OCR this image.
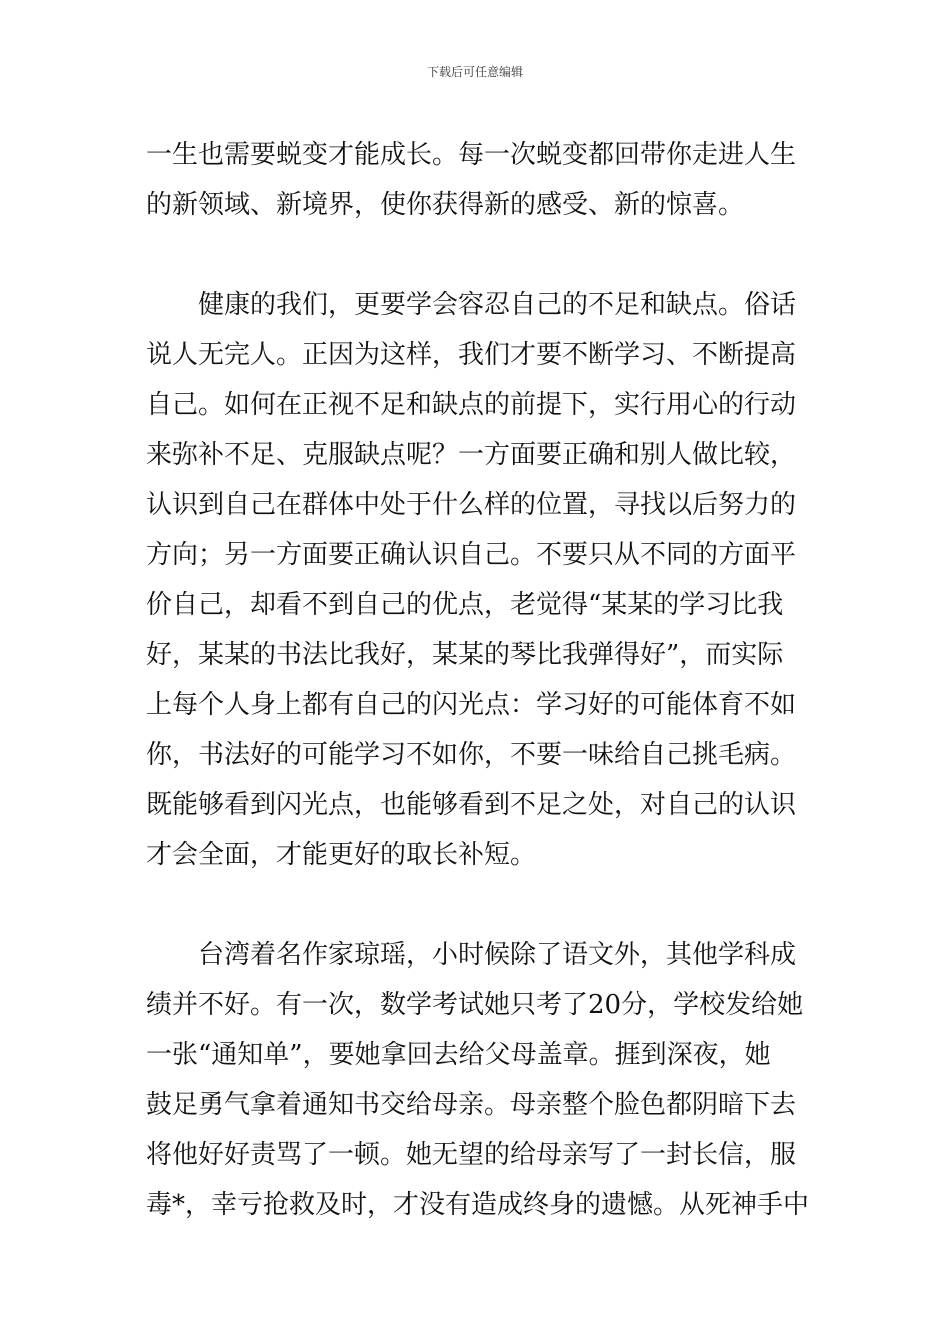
下载后可任意编辑
一生也需要蜕变才能成长。每一次蜕变都回带你走进人生
的新领域、新境界，使你获得新的感受、新的惊喜。
健康的我们，更要学会容忍自己的不足和缺点。俗话
说人无完人。正因为这样，我们才要不断学习、不断提高
自己。如何在正视不足和缺点的前提下，实行用心的行动
来弥补不足、克服缺点呢？一方面要正确和别人做比较，
认识到自己在群体中处于什么样的位置，寻找以后努力的
方向；另一方面要正确认识自己。不要只从不同的方面平
价自己，却看不到自己的优点，老觉得“某某的学习比我
好，某某的书法比我好，某某的琴比我弹得好”，而实际
上每个人身上都有自己的闪光点：学习好的可能体育不如
你，书法好的可能学习不如你，不要一味给自己挑毛病。
既能够看到闪光点，也能够看到不足之处，对自己的认识
才会全面，才能更好的取长补短。
台湾着名作家琼瑶，小时候除了语文外，其他学科成
绩并不好。有一次，数学考试她只考了20分，学校发给她
一张“通知单”，要她拿回去给父母盖章。捱到深夜，她
鼓足勇气拿着通知书交给母亲。母亲整个脸色都阴暗下去
将他好好责骂了一顿。她无望的给母亲写了一封长信，服
毒*，幸亏抢救及时，才没有造成终身的遗憾。从死神手中
